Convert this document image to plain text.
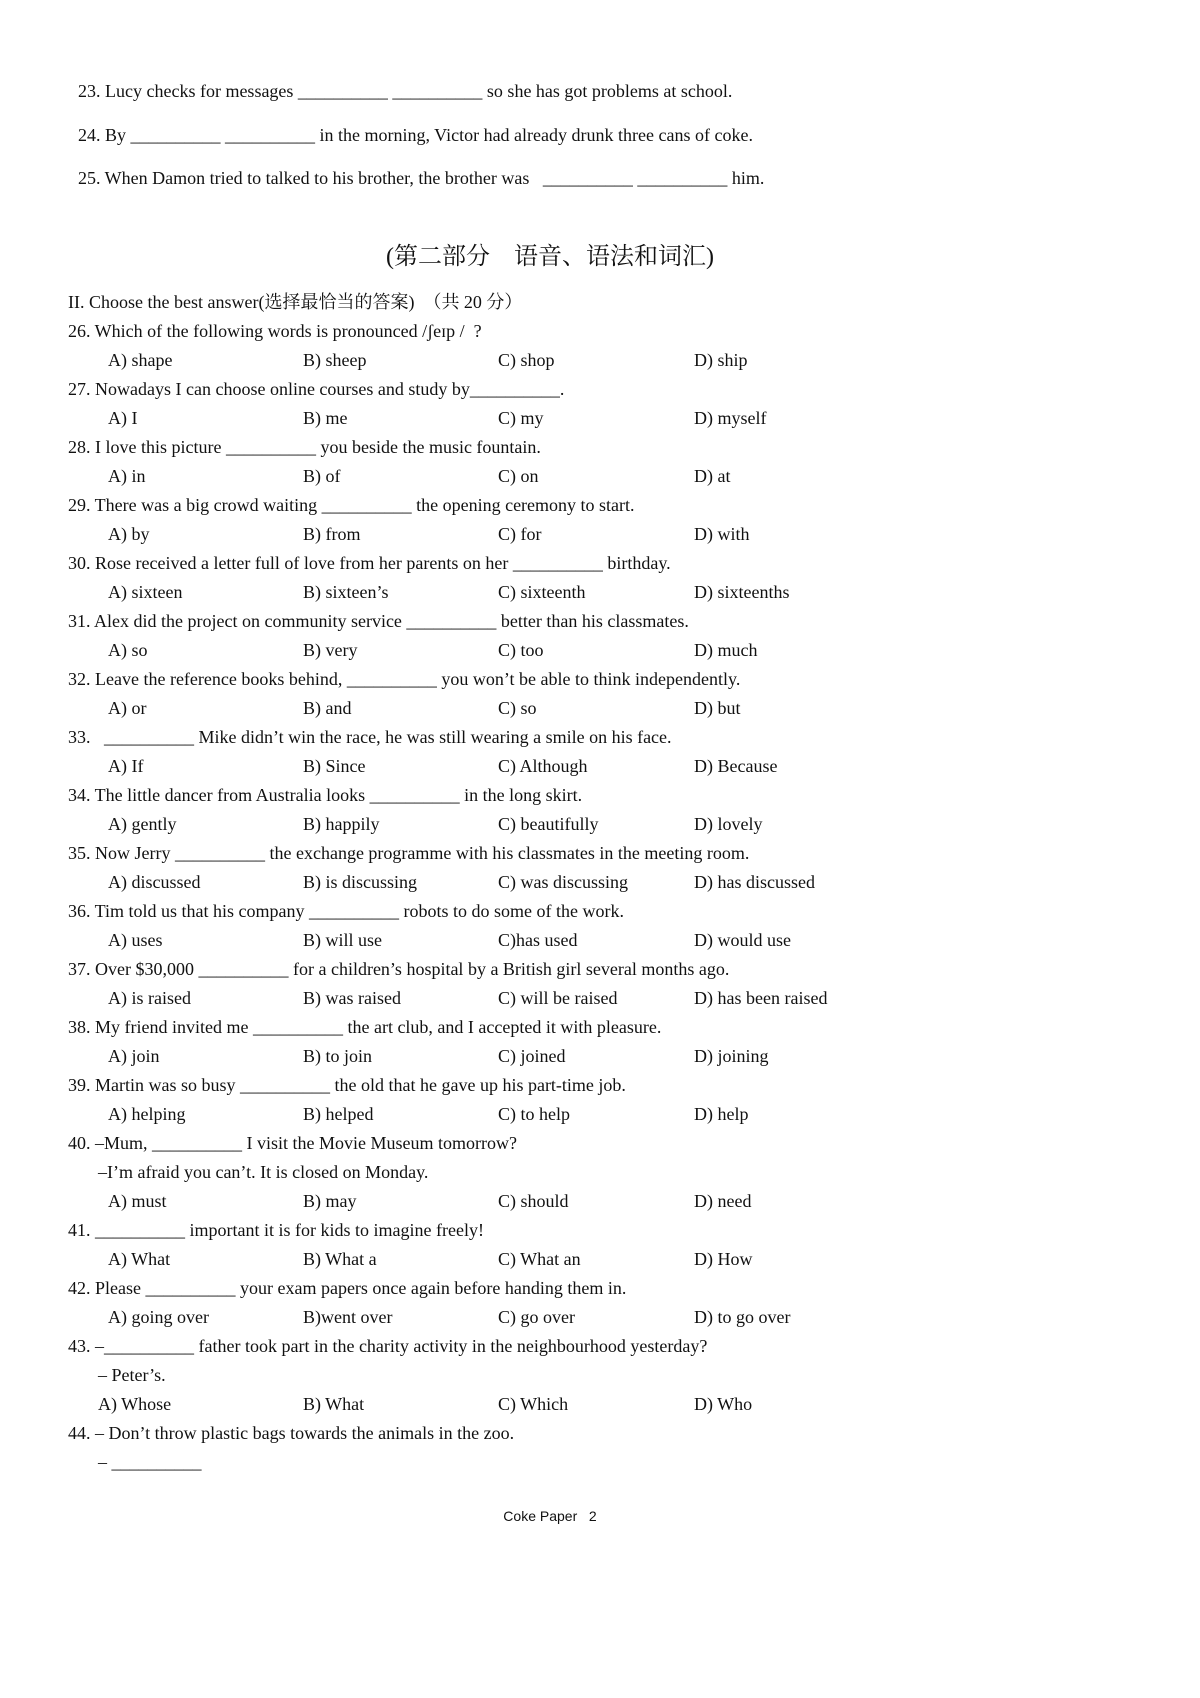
23. Lucy checks for messages __________ __________ so she has got problems at school.
24. By __________ __________ in the morning, Victor had already drunk three cans of coke.
25. When Damon tried to talked to his brother, the brother was   __________ __________ him.
(第二部分　语音、语法和词汇)
II. Choose the best answer(选择最恰当的答案)  （共 20 分）
26. Which of the following words is pronounced /ʃeɪp /  ?
A) shape	B) sheep	C) shop	D) ship
27. Nowadays I can choose online courses and study by__________.
A) I	B) me	C) my	D) myself
28. I love this picture __________ you beside the music fountain.
A) in	B) of	C) on	D) at
29. There was a big crowd waiting __________ the opening ceremony to start.
A) by	B) from	C) for	D) with
30. Rose received a letter full of love from her parents on her __________ birthday.
A) sixteen	B) sixteen’s	C) sixteenth	D) sixteenths
31. Alex did the project on community service __________ better than his classmates.
A) so	B) very	C) too	D) much
32. Leave the reference books behind, __________ you won’t be able to think independently.
A) or	B) and	C) so	D) but
33.   __________ Mike didn’t win the race, he was still wearing a smile on his face.
A) If	B) Since	C) Although	D) Because
34. The little dancer from Australia looks __________ in the long skirt.
A) gently	B) happily	C) beautifully	D) lovely
35. Now Jerry __________ the exchange programme with his classmates in the meeting room.
A) discussed	B) is discussing	C) was discussing	D) has discussed
36. Tim told us that his company __________ robots to do some of the work.
A) uses	B) will use	C)has used	D) would use
37. Over $30,000 __________ for a children’s hospital by a British girl several months ago.
A) is raised	B) was raised	C) will be raised	D) has been raised
38. My friend invited me __________ the art club, and I accepted it with pleasure.
A) join	B) to join	C) joined	D) joining
39. Martin was so busy __________ the old that he gave up his part-time job.
A) helping	B) helped	C) to help	D) help
40. –Mum, __________ I visit the Movie Museum tomorrow?
–I’m afraid you can’t. It is closed on Monday.
A) must	B) may	C) should	D) need
41. __________ important it is for kids to imagine freely!
A) What	B) What a	C) What an	D) How
42. Please __________ your exam papers once again before handing them in.
A) going over	B)went over	C) go over	D) to go over
43. –__________ father took part in the charity activity in the neighbourhood yesterday?
– Peter’s.
A) Whose	B) What	C) Which	D) Who
44. – Don’t throw plastic bags towards the animals in the zoo.
– __________
Coke Paper   2
